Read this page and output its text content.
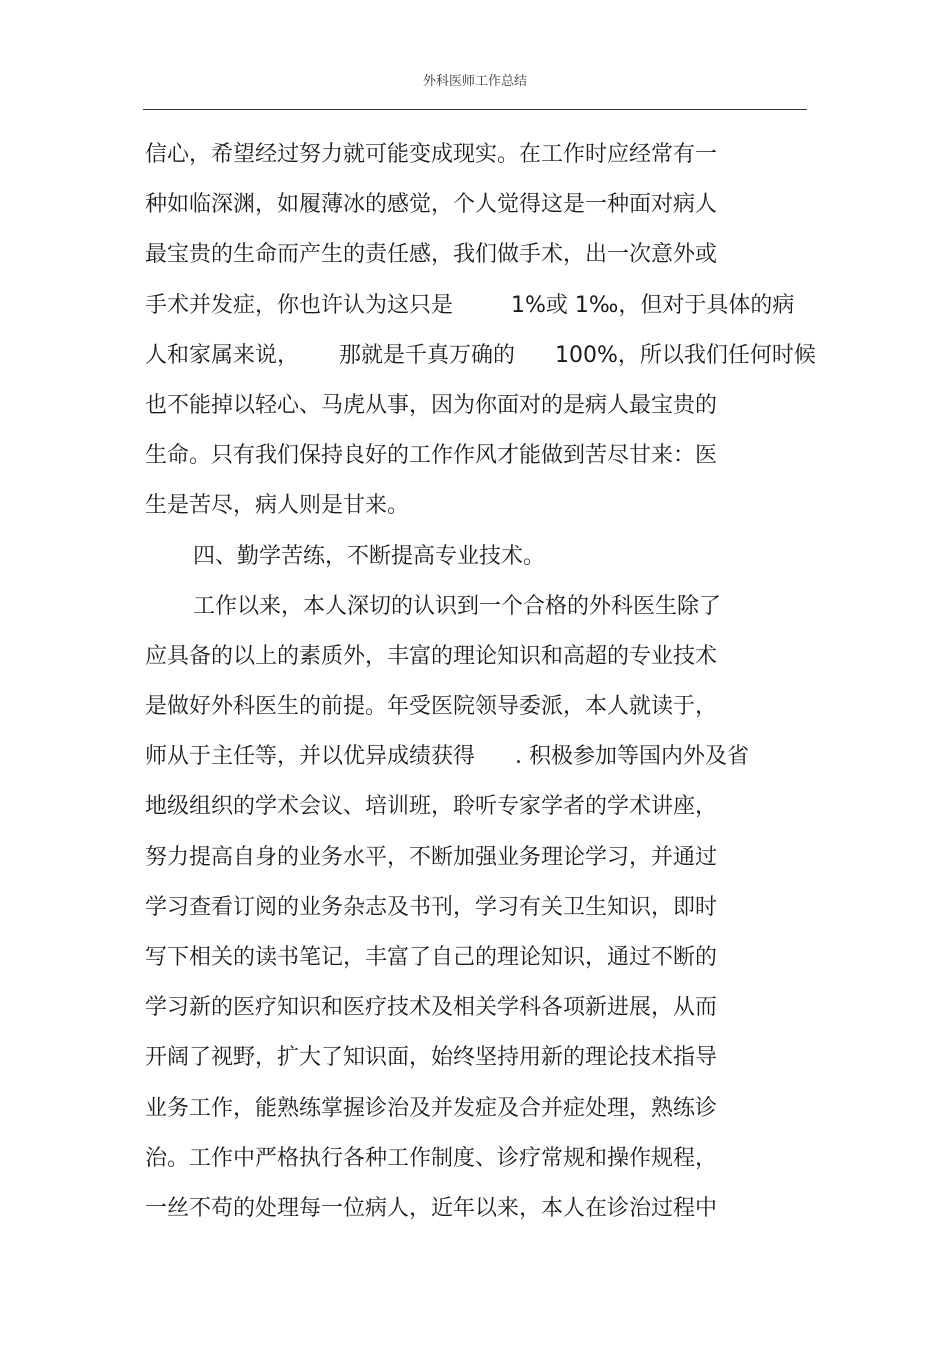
外科医师工作总结
信心，希望经过努力就可能变成现实。在工作时应经常有一
种如临深渊，如履薄冰的感觉，个人觉得这是一种面对病人
最宝贵的生命而产生的责任感，我们做手术，出一次意外或
手术并发症，你也许认为这只是	1%或 1‰，但对于具体的病
人和家属来说， 那就是千真万确的 100%，所以我们任何时候
也不能掉以轻心、马虎从事，因为你面对的是病人最宝贵的
生命。只有我们保持良好的工作作风才能做到苦尽甘来：医
生是苦尽，病人则是甘来。
四、勤学苦练，不断提高专业技术。
工作以来，本人深切的认识到一个合格的外科医生除了
应具备的以上的素质外，丰富的理论知识和高超的专业技术
是做好外科医生的前提。年受医院领导委派，本人就读于，
师从于主任等，并以优异成绩获得 . 积极参加等国内外及省
地级组织的学术会议、培训班，聆听专家学者的学术讲座，
努力提高自身的业务水平，不断加强业务理论学习，并通过
学习查看订阅的业务杂志及书刊，学习有关卫生知识，即时
写下相关的读书笔记，丰富了自己的理论知识，通过不断的
学习新的医疗知识和医疗技术及相关学科各项新进展，从而
开阔了视野，扩大了知识面，始终坚持用新的理论技术指导
业务工作，能熟练掌握诊治及并发症及合并症处理，熟练诊
治。工作中严格执行各种工作制度、诊疗常规和操作规程，
一丝不苟的处理每一位病人，近年以来，本人在诊治过程中
